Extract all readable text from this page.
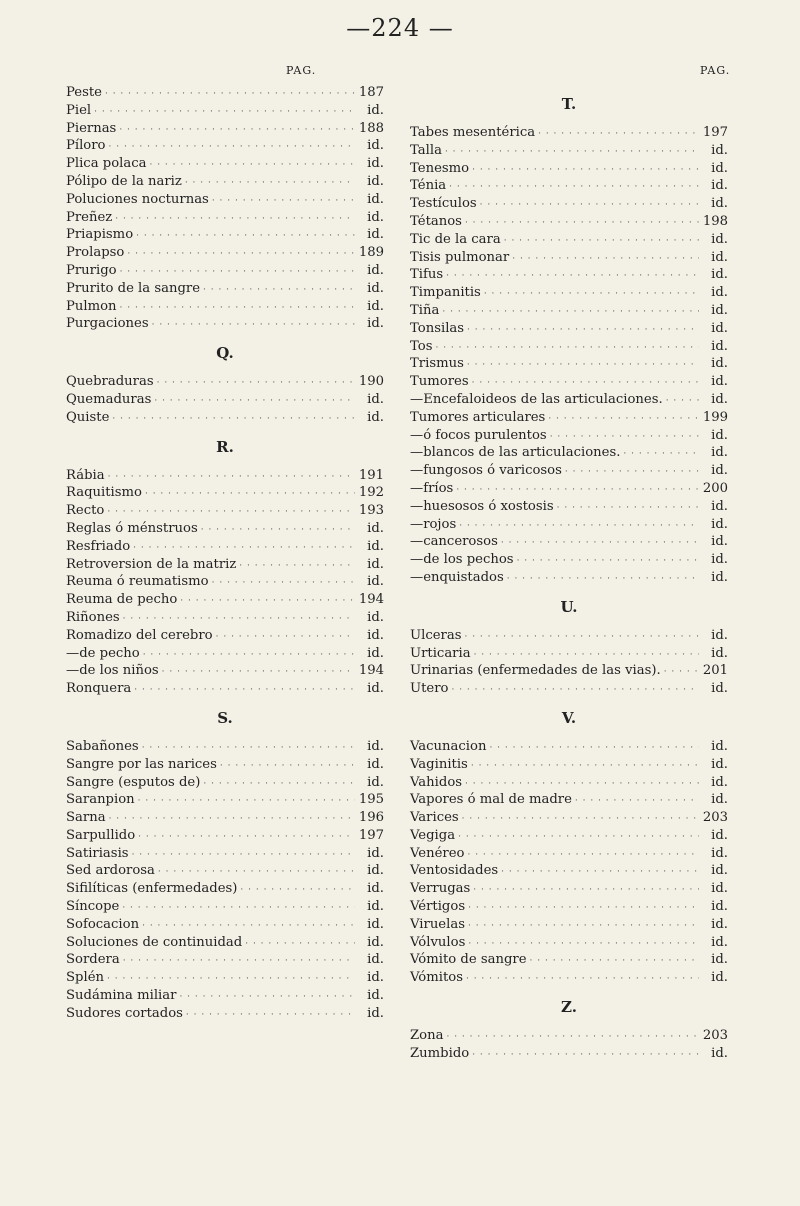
—224 —
PAG.	PAG.
Peste · · ·	187
Piel · · ·	id.
Piernas · · ·	188
Píloro · · ·	id.
Plica polaca · · ·	id.
Pólipo de la nariz · · ·	id.
Poluciones nocturnas · · ·	id.
Preñez · · ·	id.
Priapismo · · ·	id.
Prolapso · · ·	189
Prurigo · · ·	id.
Prurito de la sangre · · ·	id.
Pulmon · · ·	id.
Purgaciones · · ·	id.
Q.
Quebraduras · · ·	190
Quemaduras · · ·	id.
Quiste · · ·	id.
R.
Rábia · · ·	191
Raquitismo · · ·	192
Recto · · ·	193
Reglas ó ménstruos · · ·	id.
Resfriado · · ·	id.
Retroversion de la matriz · · ·	id.
Reuma ó reumatismo · · ·	id.
Reuma de pecho · · ·	194
Riñones · · ·	id.
Romadizo del cerebro · · ·	id.
—de pecho · · ·	id.
—de los niños · · ·	194
Ronquera · · ·	id.
S.
Sabañones · · ·	id.
Sangre por las narices · · ·	id.
Sangre (esputos de) · · ·	id.
Saranpion · · ·	195
Sarna · · ·	196
Sarpullido · · ·	197
Satiriasis · · ·	id.
Sed ardorosa · · ·	id.
Sifilíticas (enfermedades) · · ·	id.
Síncope · · ·	id.
Sofocacion · · ·	id.
Soluciones de continuidad · · ·	id.
Sordera · · ·	id.
Splén · · ·	id.
Sudámina miliar · · ·	id.
Sudores cortados · · ·	id.
T.
Tabes mesentérica · · ·	197
Talla · · ·	id.
Tenesmo · · ·	id.
Ténia · · ·	id.
Testículos · · ·	id.
Tétanos · · ·	198
Tic de la cara · · ·	id.
Tisis pulmonar · · ·	id.
Tifus · · ·	id.
Timpanitis · · ·	id.
Tiña · · ·	id.
Tonsilas · · ·	id.
Tos · · ·	id.
Trismus · · ·	id.
Tumores · · ·	id.
—Encefaloideos de las articulaciones. · · ·	id.
Tumores articulares · · ·	199
—ó focos purulentos · · ·	id.
—blancos de las articulaciones. · · ·	id.
—fungosos ó varicosos · · ·	id.
—fríos · · ·	200
—huesosos ó xostosis · · ·	id.
—rojos · · ·	id.
—cancerosos · · ·	id.
—de los pechos · · ·	id.
—enquistados · · ·	id.
U.
Ulceras · · ·	id.
Urticaria · · ·	id.
Urinarias (enfermedades de las vias). · · ·	201
Utero · · ·	id.
V.
Vacunacion · · ·	id.
Vaginitis · · ·	id.
Vahidos · · ·	id.
Vapores ó mal de madre · · ·	id.
Varices · · ·	203
Vegiga · · ·	id.
Venéreo · · ·	id.
Ventosidades · · ·	id.
Verrugas · · ·	id.
Vértigos · · ·	id.
Viruelas · · ·	id.
Vólvulos · · ·	id.
Vómito de sangre · · ·	id.
Vómitos · · ·	id.
Z.
Zona · · ·	203
Zumbido · · ·	id.
